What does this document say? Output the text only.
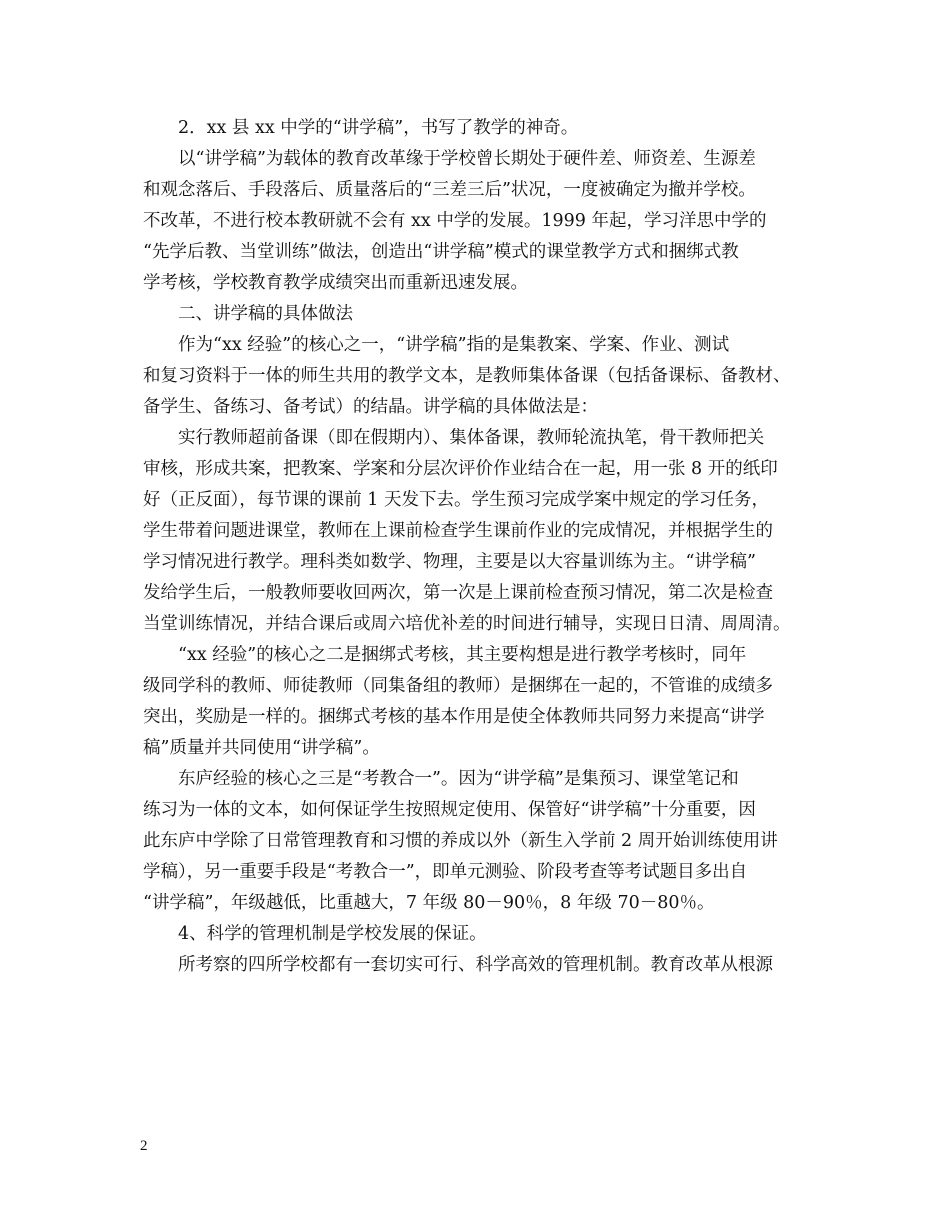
2．xx 县 xx 中学的“讲学稿”，书写了教学的神奇。
以“讲学稿”为载体的教育改革缘于学校曾长期处于硬件差、师资差、生源差
和观念落后、手段落后、质量落后的“三差三后”状况，一度被确定为撤并学校。
不改革，不进行校本教研就不会有 xx 中学的发展。1999 年起，学习洋思中学的
“先学后教、当堂训练”做法，创造出“讲学稿”模式的课堂教学方式和捆绑式教
学考核，学校教育教学成绩突出而重新迅速发展。
二、讲学稿的具体做法
作为“xx 经验”的核心之一，“讲学稿”指的是集教案、学案、作业、测试
和复习资料于一体的师生共用的教学文本，是教师集体备课（包括备课标、备教材、
备学生、备练习、备考试）的结晶。讲学稿的具体做法是：
实行教师超前备课（即在假期内）、集体备课，教师轮流执笔，骨干教师把关
审核，形成共案，把教案、学案和分层次评价作业结合在一起，用一张 8 开的纸印
好（正反面），每节课的课前 1 天发下去。学生预习完成学案中规定的学习任务，
学生带着问题进课堂，教师在上课前检查学生课前作业的完成情况，并根据学生的
学习情况进行教学。理科类如数学、物理，主要是以大容量训练为主。“讲学稿”
发给学生后，一般教师要收回两次，第一次是上课前检查预习情况，第二次是检查
当堂训练情况，并结合课后或周六培优补差的时间进行辅导，实现日日清、周周清。
“xx 经验”的核心之二是捆绑式考核，其主要构想是进行教学考核时，同年
级同学科的教师、师徒教师（同集备组的教师）是捆绑在一起的，不管谁的成绩多
突出，奖励是一样的。捆绑式考核的基本作用是使全体教师共同努力来提高“讲学
稿”质量并共同使用“讲学稿”。
东庐经验的核心之三是“考教合一”。因为“讲学稿”是集预习、课堂笔记和
练习为一体的文本，如何保证学生按照规定使用、保管好“讲学稿”十分重要，因
此东庐中学除了日常管理教育和习惯的养成以外（新生入学前 2 周开始训练使用讲
学稿），另一重要手段是“考教合一”，即单元测验、阶段考查等考试题目多出自
“讲学稿”，年级越低，比重越大，7 年级 80－90％，8 年级 70－80％。
4、科学的管理机制是学校发展的保证。
所考察的四所学校都有一套切实可行、科学高效的管理机制。教育改革从根源
2
